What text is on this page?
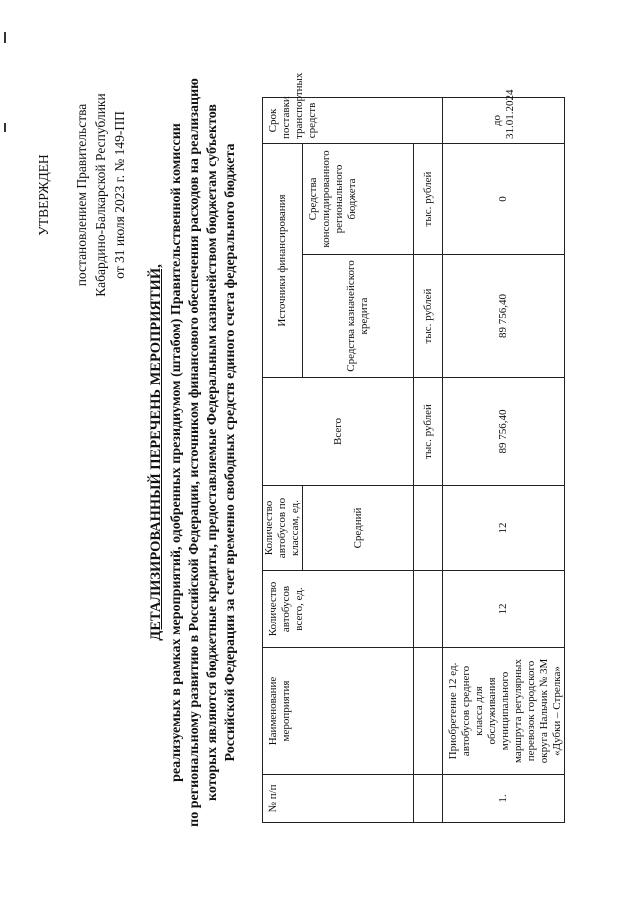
УТВЕРЖДЕН постановлением Правительства Кабардино-Балкарской Республики от 31 июля 2023 г. № 149-ПП
ДЕТАЛИЗИРОВАННЫЙ ПЕРЕЧЕНЬ МЕРОПРИЯТИЙ, реализуемых в рамках мероприятий, одобренных президиумом (штабом) Правительственной комиссии по региональному развитию в Российской Федерации, источником финансового обеспечения расходов на реализацию которых являются бюджетные кредиты, предоставляемые Федеральным казначейством бюджетам субъектов Российской Федерации за счет временно свободных средств единого счета федерального бюджета
№ п/п	Наименование мероприятия	Количество автобусов всего, ед.	Количество автобусов по классам, ед.	Всего	Источники финансирования		Срок поставки транспортных средств
			Средний		Средства казначейского кредита	Средства консолидированного регионального бюджета	

				тыс. рублей	тыс. рублей	тыс. рублей	
1.	Приобретение 12 ед. автобусов среднего класса для обслуживания муниципального маршрута регулярных перевозок городского округа Нальчик № 3М «Дубки – Стрелка»	12	12	89 756,40	89 756,40	0	до 31.01.2024
